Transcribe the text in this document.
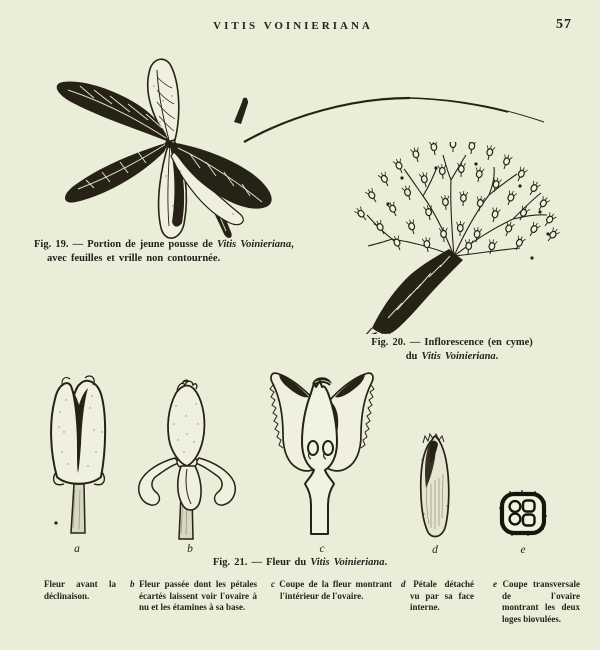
VITIS VOINIERIANA	57
Fig. 19. — Portion de jeune pousse de Vitis Voinieriana, avec feuilles et vrille non contournée.
Fig. 20. — Inflorescence (en cyme)
du Vitis Voinieriana.
a	b	c	d	e
Fig. 21. — Fleur du Vitis Voinieriana.
Fleur avant la déclinaison.
b Fleur passée dont les pétales écartés laissent voir l'ovaire à nu et les étamines à sa base.
c Coupe de la fleur montrant l'intérieur de l'ovaire.
d Pétale détaché vu par sa face interne.
e Coupe transversale de l'ovaire montrant les deux loges biovulées.
